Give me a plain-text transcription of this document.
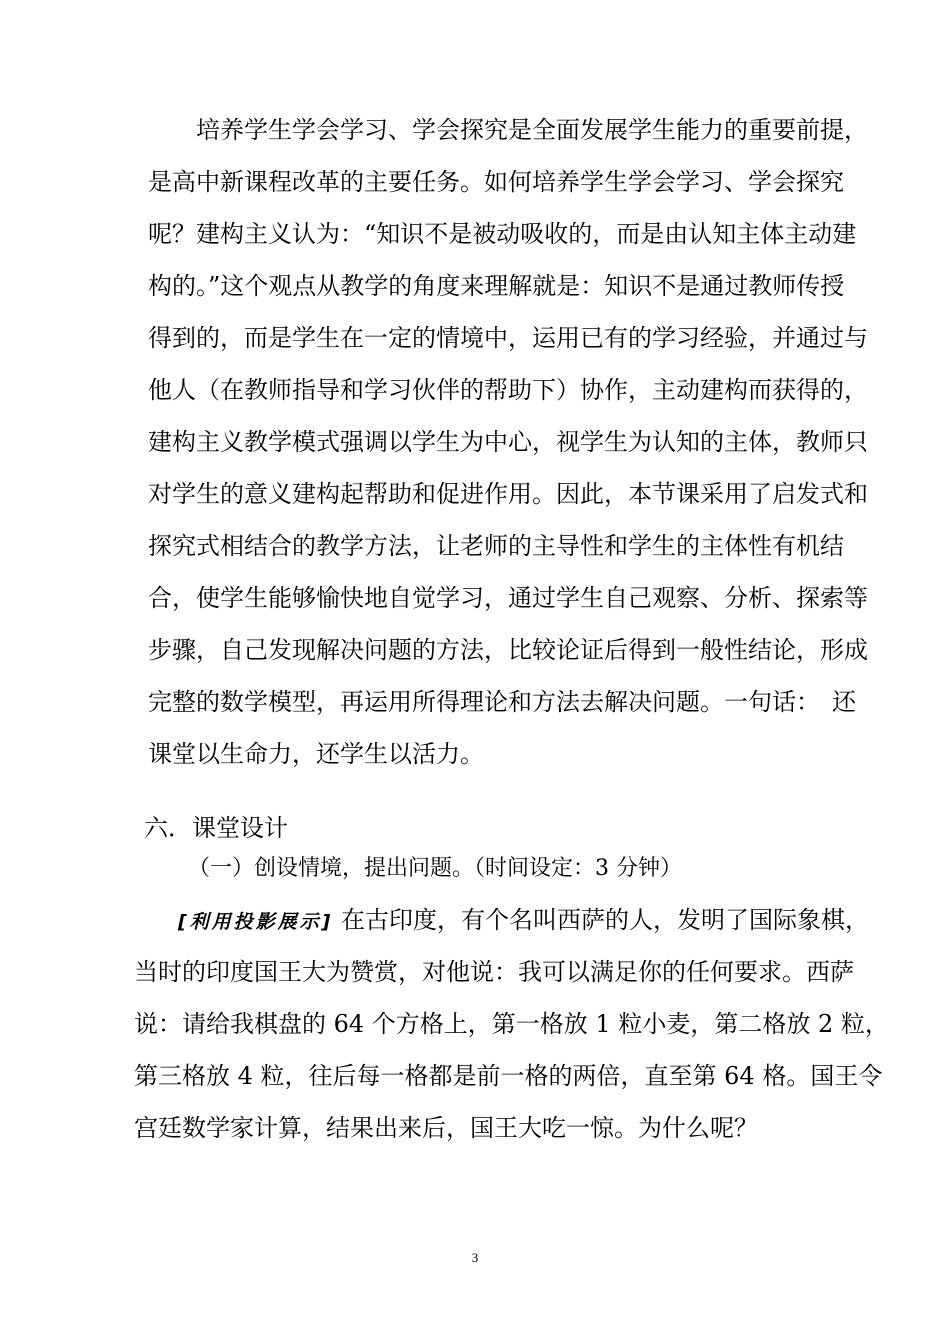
　　培养学生学会学习、学会探究是全面发展学生能力的重要前提，
是高中新课程改革的主要任务。如何培养学生学会学习、学会探究
呢？建构主义认为：“知识不是被动吸收的，而是由认知主体主动建
构的。”这个观点从教学的角度来理解就是：知识不是通过教师传授
得到的，而是学生在一定的情境中，运用已有的学习经验，并通过与
他人（在教师指导和学习伙伴的帮助下）协作，主动建构而获得的，
建构主义教学模式强调以学生为中心，视学生为认知的主体，教师只
对学生的意义建构起帮助和促进作用。因此，本节课采用了启发式和
探究式相结合的教学方法，让老师的主导性和学生的主体性有机结
合，使学生能够愉快地自觉学习，通过学生自己观察、分析、探索等
步骤，自己发现解决问题的方法，比较论证后得到一般性结论，形成
完整的数学模型，再运用所得理论和方法去解决问题。一句话：　还
课堂以生命力，还学生以活力。
六．课堂设计
（一）创设情境，提出问题。（时间设定：3 分钟）
[利用投影展示] 在古印度，有个名叫西萨的人，发明了国际象棋，
当时的印度国王大为赞赏，对他说：我可以满足你的任何要求。西萨
说：请给我棋盘的 64 个方格上，第一格放 1 粒小麦，第二格放 2 粒，
第三格放 4 粒，往后每一格都是前一格的两倍，直至第 64 格。国王令
宫廷数学家计算，结果出来后，国王大吃一惊。为什么呢？
3
